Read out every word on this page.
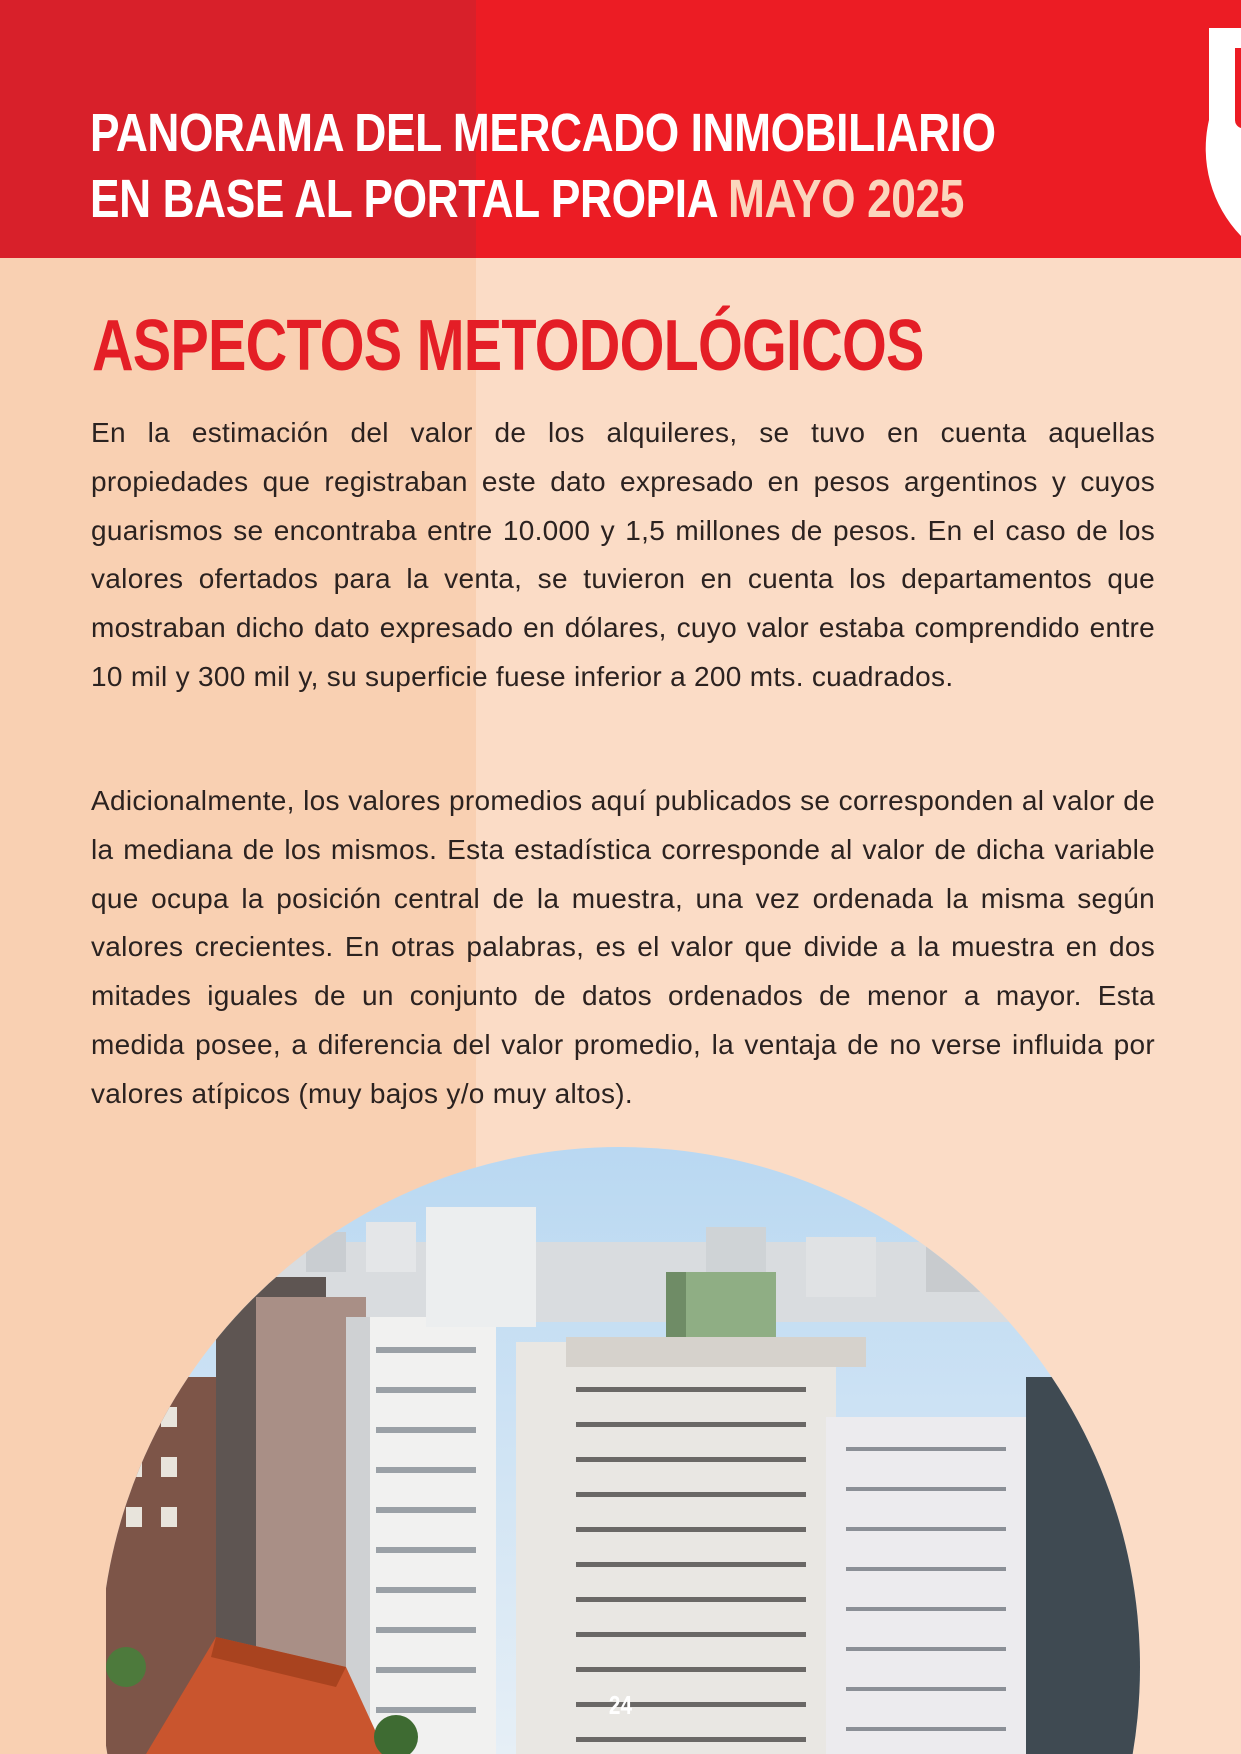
PANORAMA DEL MERCADO INMOBILIARIO
EN BASE AL PORTAL PROPIA MAYO 2025
ASPECTOS METODOLÓGICOS

En la estimación del valor de los alquileres, se tuvo en cuenta aquellas propiedades que registraban este dato expresado en pesos argentinos y cuyos guarismos se encontraba entre 10.000 y 1,5 millones de pesos. En el caso de los valores ofertados para la venta, se tuvieron en cuenta los departamentos que mostraban dicho dato expresado en dólares, cuyo valor estaba comprendido entre 10 mil y 300 mil y, su superficie fuese inferior a 200 mts. cuadrados.

Adicionalmente, los valores promedios aquí publicados se corresponden al valor de la mediana de los mismos. Esta estadística corresponde al valor de dicha variable que ocupa la posición central de la muestra, una vez ordenada la misma según valores crecientes. En otras palabras, es el valor que divide a la muestra en dos mitades iguales de un conjunto de datos ordenados de menor a mayor. Esta medida posee, a diferencia del valor promedio, la ventaja de no verse influida por valores atípicos (muy bajos y/o muy altos).

24
